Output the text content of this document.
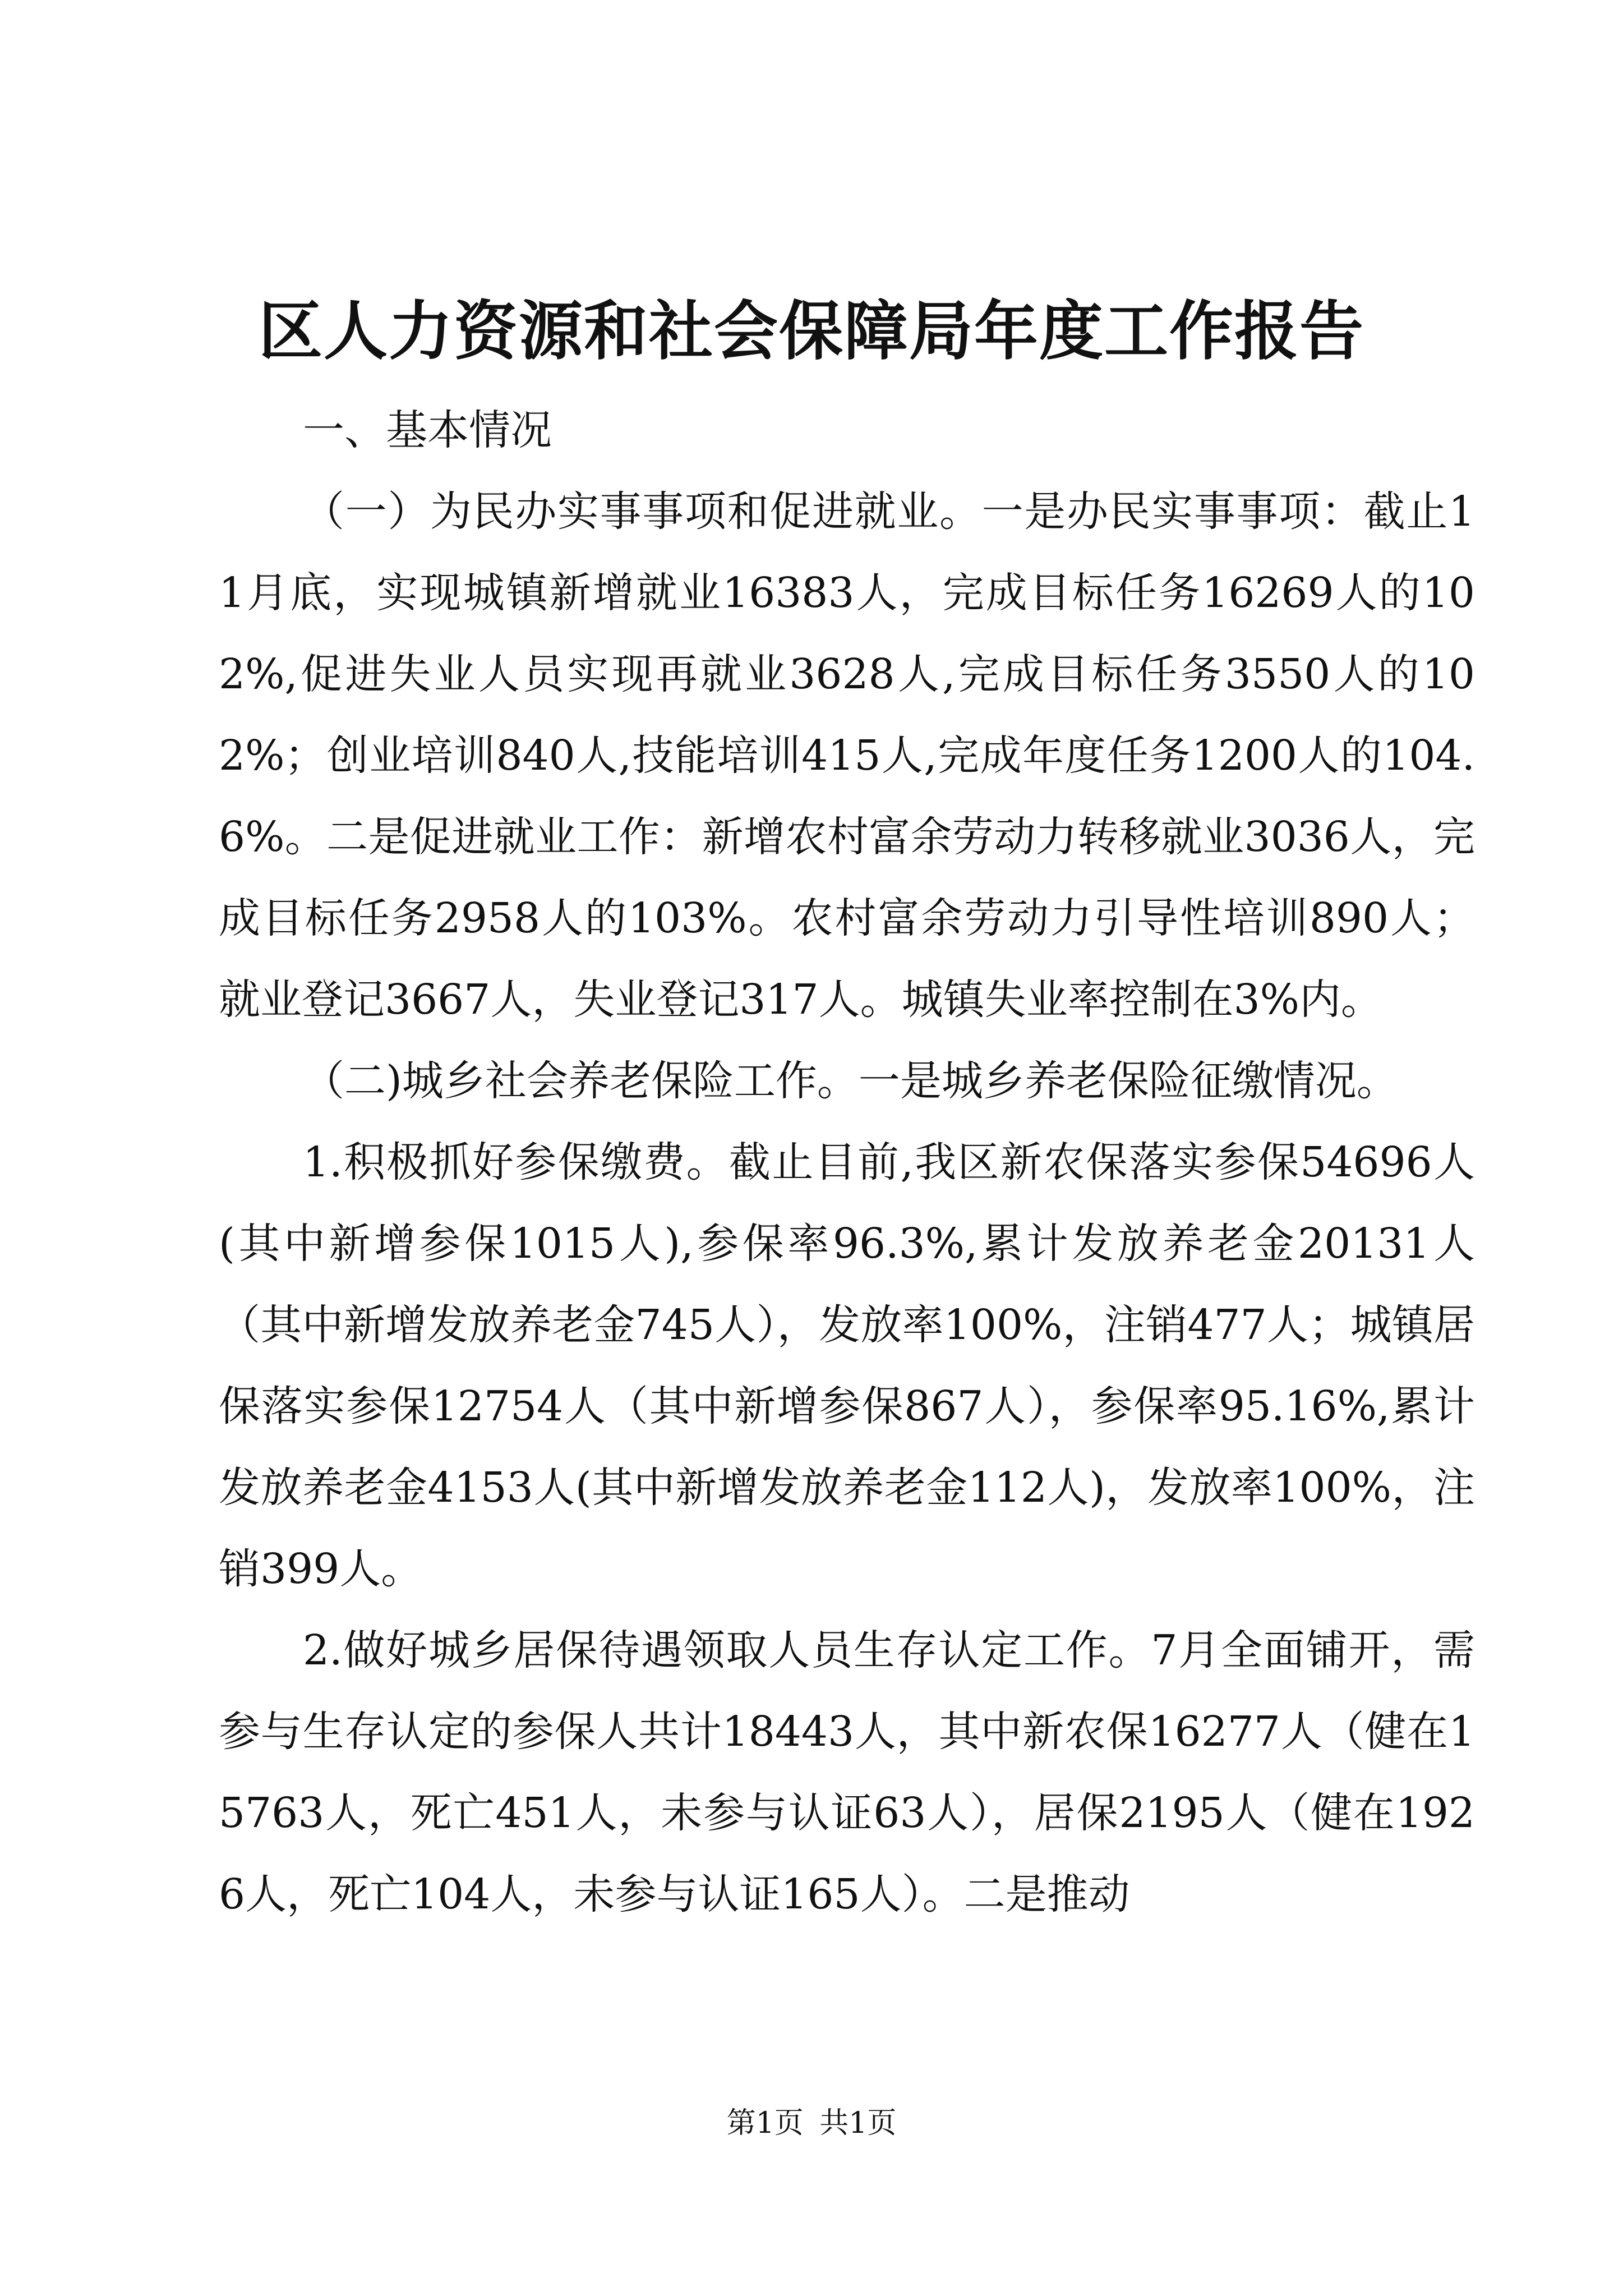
区人力资源和社会保障局年度工作报告

一、基本情况

（一）为民办实事事项和促进就业。一是办民实事事项：截止11月底，实现城镇新增就业16383人，完成目标任务16269人的102%,促进失业人员实现再就业3628人,完成目标任务3550人的102%；创业培训840人,技能培训415人,完成年度任务1200人的104.6%。二是促进就业工作：新增农村富余劳动力转移就业3036人，完成目标任务2958人的103%。农村富余劳动力引导性培训890人；就业登记3667人，失业登记317人。城镇失业率控制在3%内。

（二)城乡社会养老保险工作。一是城乡养老保险征缴情况。

1.积极抓好参保缴费。截止目前,我区新农保落实参保54696人(其中新增参保1015人),参保率96.3%,累计发放养老金20131人（其中新增发放养老金745人），发放率100%，注销477人；城镇居保落实参保12754人（其中新增参保867人），参保率95.16%,累计发放养老金4153人(其中新增发放养老金112人)，发放率100%，注销399人。

2.做好城乡居保待遇领取人员生存认定工作。7月全面铺开，需参与生存认定的参保人共计18443人，其中新农保16277人（健在15763人，死亡451人，未参与认证63人），居保2195人（健在1926人，死亡104人，未参与认证165人）。二是推动

第1页 共1页
